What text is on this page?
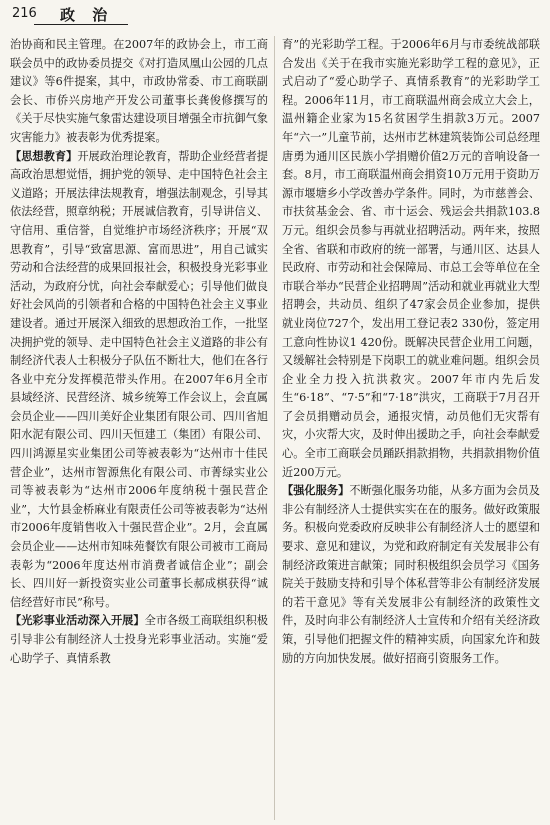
216 政 治

治协商和民主管理。在2007年的政协会上，市工商联会员中的政协委员提交《对打造凤凰山公园的几点建议》等6件提案，其中，市政协常委、市工商联副会长、市侨兴房地产开发公司董事长龚俊修撰写的《关于尽快实施气象雷达建设项目增强全市抗御气象灾害能力》被表彰为优秀提案。

【思想教育】开展政治理论教育，帮助企业经营者提高政治思想觉悟，拥护党的领导、走中国特色社会主义道路；开展法律法规教育，增强法制观念，引导其依法经营，照章纳税；开展诚信教育，引导讲信义、守信用、重信誉，自觉维护市场经济秩序；开展“双思教育”，引导“致富思源、富而思进”，用自己诚实劳动和合法经营的成果回报社会，积极投身光彩事业活动，为政府分忧，向社会奉献爱心；引导他们做良好社会风尚的引领者和合格的中国特色社会主义事业建设者。通过开展深入细致的思想政治工作，一批坚决拥护党的领导、走中国特色社会主义道路的非公有制经济代表人士积极分子队伍不断壮大，他们在各行各业中充分发挥模范带头作用。在2007年6月全市县域经济、民营经济、城乡统筹工作会议上，会直属会员企业——四川美好企业集团有限公司、四川省旭阳水泥有限公司、四川天恒建工（集团）有限公司、四川鸿源星实业集团公司等被表彰为“达州市十佳民营企业”，达州市智源焦化有限公司、市菁绿实业公司等被表彰为“达州市2006年度纳税十强民营企业”，大竹县金桥麻业有限责任公司等被表彰为“达州市2006年度销售收入十强民营企业”。2月，会直属会员企业——达州市知味苑餐饮有限公司被市工商局表彰为“2006年度达州市消费者诚信企业”；副会长、四川好一新投资实业公司董事长郝成棋获得“诚信经营好市民”称号。

【光彩事业活动深入开展】全市各级工商联组织积极引导非公有制经济人士投身光彩事业活动。实施“爱心助学子、真情系教

育”的光彩助学工程。于2006年6月与市委统战部联合发出《关于在我市实施光彩助学工程的意见》，正式启动了“爱心助学子、真情系教育”的光彩助学工程。2006年11月，市工商联温州商会成立大会上，温州籍企业家为15名贫困学生捐款3万元。2007年“六一”儿童节前，达州市艺林建筑装饰公司总经理唐勇为通川区民族小学捐赠价值2万元的音响设备一套。8月，市工商联温州商会捐资10万元用于资助万源市堰塘乡小学改善办学条件。同时，为市慈善会、市扶贫基金会、省、市十运会、残运会共捐款103.8万元。组织会员参与再就业招聘活动。两年来，按照全省、省联和市政府的统一部署，与通川区、达县人民政府、市劳动和社会保障局、市总工会等单位在全市联合举办“民营企业招聘周”活动和就业再就业大型招聘会，共动员、组织了47家会员企业参加，提供就业岗位727个，发出用工登记表2 330份，签定用工意向性协议1 420份。既解决民营企业用工问题，又缓解社会特别是下岗职工的就业难问题。组织会员企业全力投入抗洪救灾。2007年市内先后发生“6·18”、“7·5”和“7·18”洪灾，工商联于7月召开了会员捐赠动员会，通报灾情，动员他们无灾帮有灾，小灾帮大灾，及时伸出援助之手，向社会奉献爱心。全市工商联会员踊跃捐款捐物，共捐款捐物价值近200万元。

【强化服务】不断强化服务功能，从多方面为会员及非公有制经济人士提供实实在在的服务。做好政策服务。积极向党委政府反映非公有制经济人士的愿望和要求、意见和建议，为党和政府制定有关发展非公有制经济政策进言献策；同时积极组织会员学习《国务院关于鼓励支持和引导个体私营等非公有制经济发展的若干意见》等有关发展非公有制经济的政策性文件，及时向非公有制经济人士宣传和介绍有关经济政策，引导他们把握文件的精神实质，向国家允许和鼓励的方向加快发展。做好招商引资服务工作。
